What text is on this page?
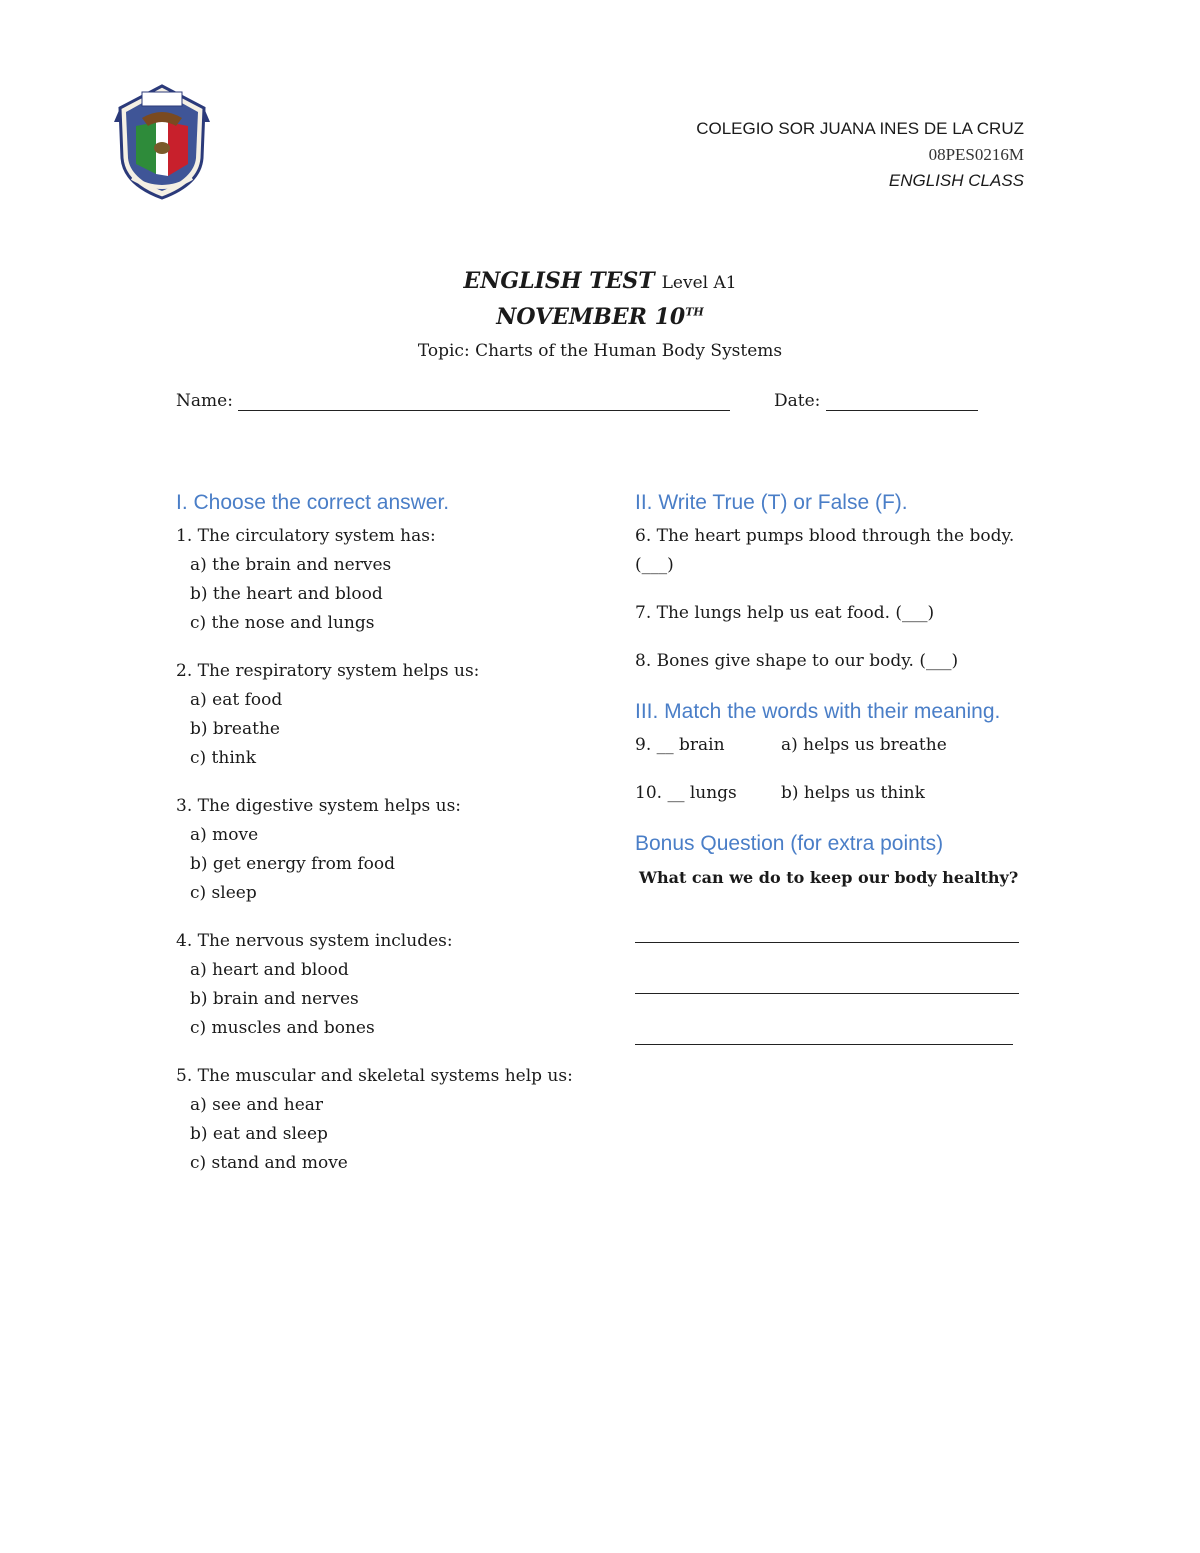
COLEGIO SOR JUANA INES DE LA CRUZ
08PES0216M
ENGLISH CLASS
ENGLISH TEST Level A1
NOVEMBER 10TH
Topic: Charts of the Human Body Systems
Name:	Date:
I. Choose the correct answer.
1. The circulatory system has:
a) the brain and nerves
b) the heart and blood
c) the nose and lungs
2. The respiratory system helps us:
a) eat food
b) breathe
c) think
3. The digestive system helps us:
a) move
b) get energy from food
c) sleep
4. The nervous system includes:
a) heart and blood
b) brain and nerves
c) muscles and bones
5. The muscular and skeletal systems help us:
a) see and hear
b) eat and sleep
c) stand and move
II. Write True (T) or False (F).
6. The heart pumps blood through the body. (___)
7. The lungs help us eat food. (___)
8. Bones give shape to our body. (___)
III. Match the words with their meaning.
9. __ brain	a) helps us breathe
10. __ lungs	b) helps us think
Bonus Question (for extra points)
What can we do to keep our body healthy?
